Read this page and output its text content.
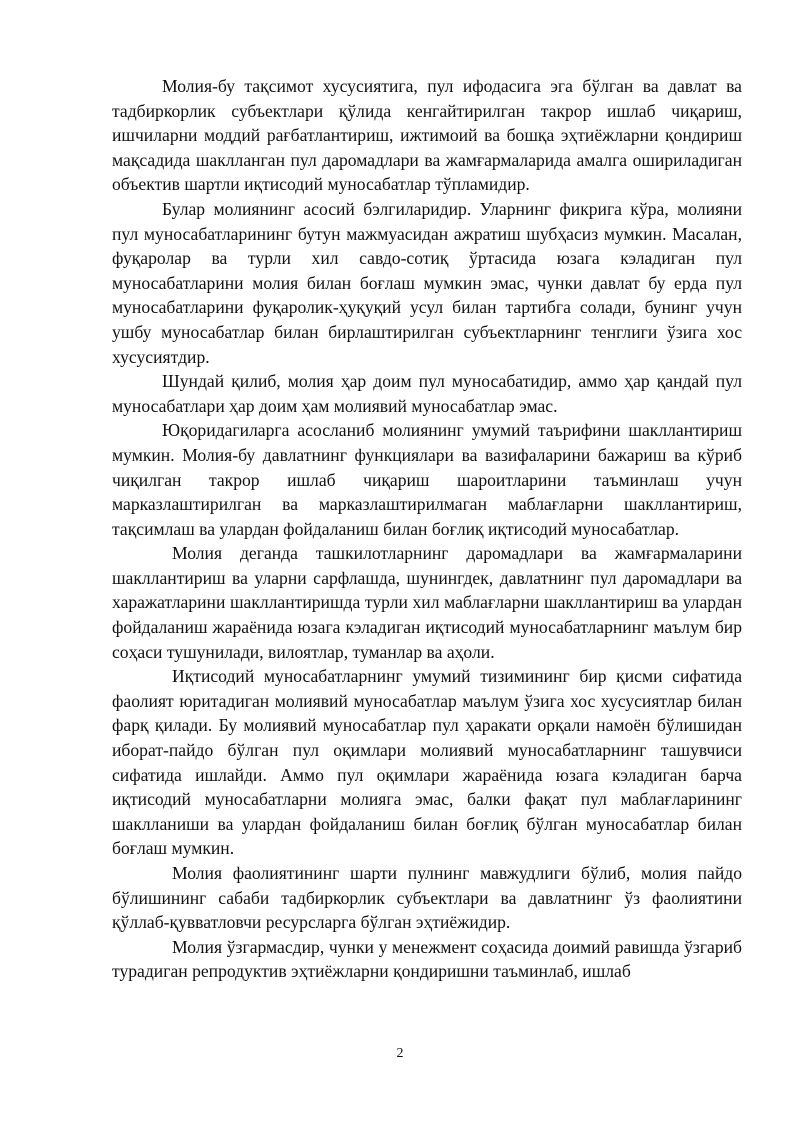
Молия-бу тақсимот хусусиятига, пул ифодасига эга бўлган ва давлат ва тадбиркорлик субъектлари қўлида кенгайтирилган такрор ишлаб чиқариш, ишчиларни моддий рағбатлантириш, ижтимоий ва бошқа эҳтиёжларни қондириш мақсадида шаклланган пул даромадлари ва жамғармаларида амалга ошириладиган объектив шартли иқтисодий муносабатлар тўпламидир.

Булар молиянинг асосий бэлгиларидир. Уларнинг фикрига кўра, молияни пул муносабатларининг бутун мажмуасидан ажратиш шубҳасиз мумкин. Масалан, фуқаролар ва турли хил савдо-сотиқ ўртасида юзага кэладиган пул муносабатларини молия билан боғлаш мумкин эмас, чунки давлат бу ерда пул муносабатларини фуқаролик-ҳуқуқий усул билан тартибга солади, бунинг учун ушбу муносабатлар билан бирлаштирилган субъектларнинг тенглиги ўзига хос хусусиятдир.

Шундай қилиб, молия ҳар доим пул муносабатидир, аммо ҳар қандай пул муносабатлари ҳар доим ҳам молиявий муносабатлар эмас.

Юқоридагиларга асосланиб молиянинг умумий таърифини шакллантириш мумкин. Молия-бу давлатнинг функциялари ва вазифаларини бажариш ва кўриб чиқилган такрор ишлаб чиқариш шароитларини таъминлаш учун марказлаштирилган ва марказлаштирилмаган маблағларни шакллантириш, тақсимлаш ва улардан фойдаланиш билан боғлиқ иқтисодий муносабатлар.

Молия деганда ташкилотларнинг даромадлари ва жамғармаларини шакллантириш ва уларни сарфлашда, шунингдек, давлатнинг пул даромадлари ва харажатларини шакллантиришда турли хил маблағларни шакллантириш ва улардан фойдаланиш жараёнида юзага кэладиган иқтисодий муносабатларнинг маълум бир соҳаси тушунилади, вилоятлар, туманлар ва аҳоли.

Иқтисодий муносабатларнинг умумий тизимининг бир қисми сифатида фаолият юритадиган молиявий муносабатлар маълум ўзига хос хусусиятлар билан фарқ қилади. Бу молиявий муносабатлар пул ҳаракати орқали намоён бўлишидан иборат-пайдо бўлган пул оқимлари молиявий муносабатларнинг ташувчиси сифатида ишлайди. Аммо пул оқимлари жараёнида юзага кэладиган барча иқтисодий муносабатларни молияга эмас, балки фақат пул маблағларининг шаклланиши ва улардан фойдаланиш билан боғлиқ бўлган муносабатлар билан боғлаш мумкин.

Молия фаолиятининг шарти пулнинг мавжудлиги бўлиб, молия пайдо бўлишининг сабаби тадбиркорлик субъектлари ва давлатнинг ўз фаолиятини қўллаб-қувватловчи ресурсларга бўлган эҳтиёжидир.

Молия ўзгармасдир, чунки у менежмент соҳасида доимий равишда ўзгариб турадиган репродуктив эҳтиёжларни қондиришни таъминлаб, ишлаб

2
